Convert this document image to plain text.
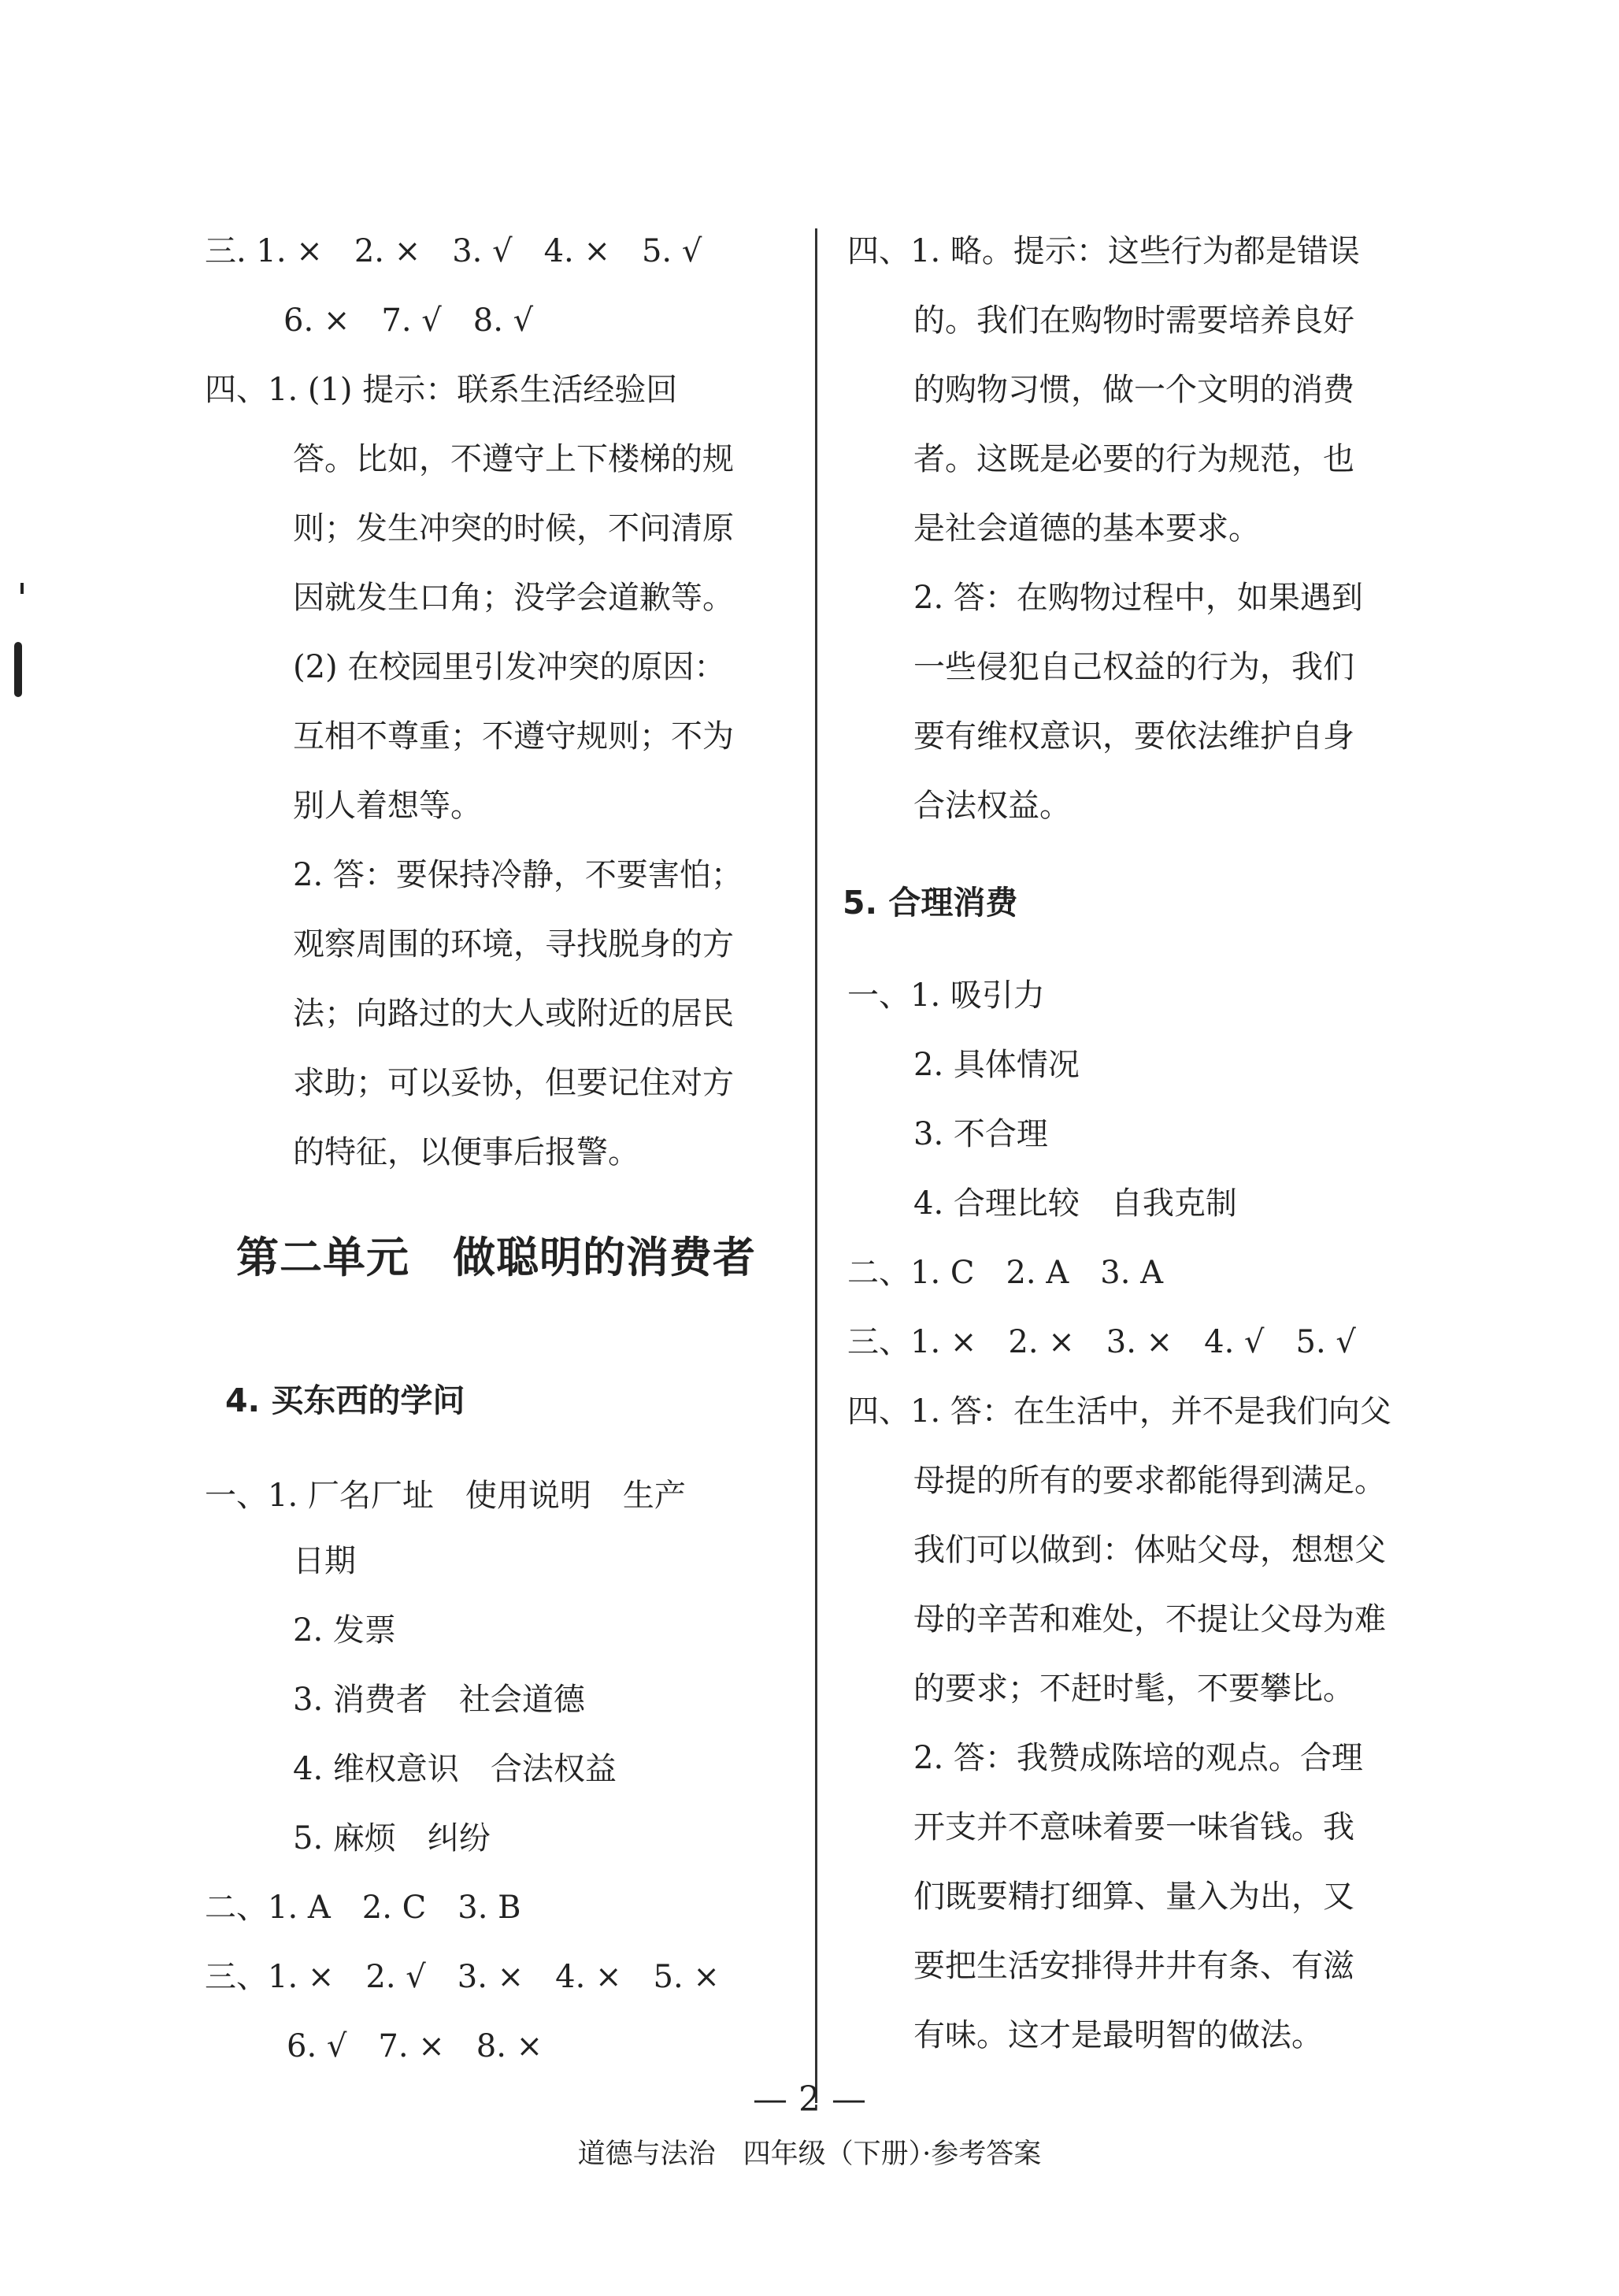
三. 1. ×　2. ×　3. √　4. ×　5. √
6. ×　7. √　8. √
四、1. (1) 提示：联系生活经验回
答。比如，不遵守上下楼梯的规
则；发生冲突的时候，不问清原
因就发生口角；没学会道歉等。
(2) 在校园里引发冲突的原因：
互相不尊重；不遵守规则；不为
别人着想等。
2. 答：要保持冷静，不要害怕；
观察周围的环境，寻找脱身的方
法；向路过的大人或附近的居民
求助；可以妥协，但要记住对方
的特征，以便事后报警。
第二单元　做聪明的消费者
4. 买东西的学问
一、1. 厂名厂址　使用说明　生产
日期
2. 发票
3. 消费者　社会道德
4. 维权意识　合法权益
5. 麻烦　纠纷
二、1. A　2. C　3. B
三、1. ×　2. √　3. ×　4. ×　5. ×
6. √　7. ×　8. ×
四、1. 略。提示：这些行为都是错误
的。我们在购物时需要培养良好
的购物习惯，做一个文明的消费
者。这既是必要的行为规范，也
是社会道德的基本要求。
2. 答：在购物过程中，如果遇到
一些侵犯自己权益的行为，我们
要有维权意识，要依法维护自身
合法权益。
5. 合理消费
一、1. 吸引力
2. 具体情况
3. 不合理
4. 合理比较　自我克制
二、1. C　2. A　3. A
三、1. ×　2. ×　3. ×　4. √　5. √
四、1. 答：在生活中，并不是我们向父
母提的所有的要求都能得到满足。
我们可以做到：体贴父母，想想父
母的辛苦和难处，不提让父母为难
的要求；不赶时髦，不要攀比。
2. 答：我赞成陈培的观点。合理
开支并不意味着要一味省钱。我
们既要精打细算、量入为出，又
要把生活安排得井井有条、有滋
有味。这才是最明智的做法。
— 2 —
道德与法治　四年级（下册）·参考答案
